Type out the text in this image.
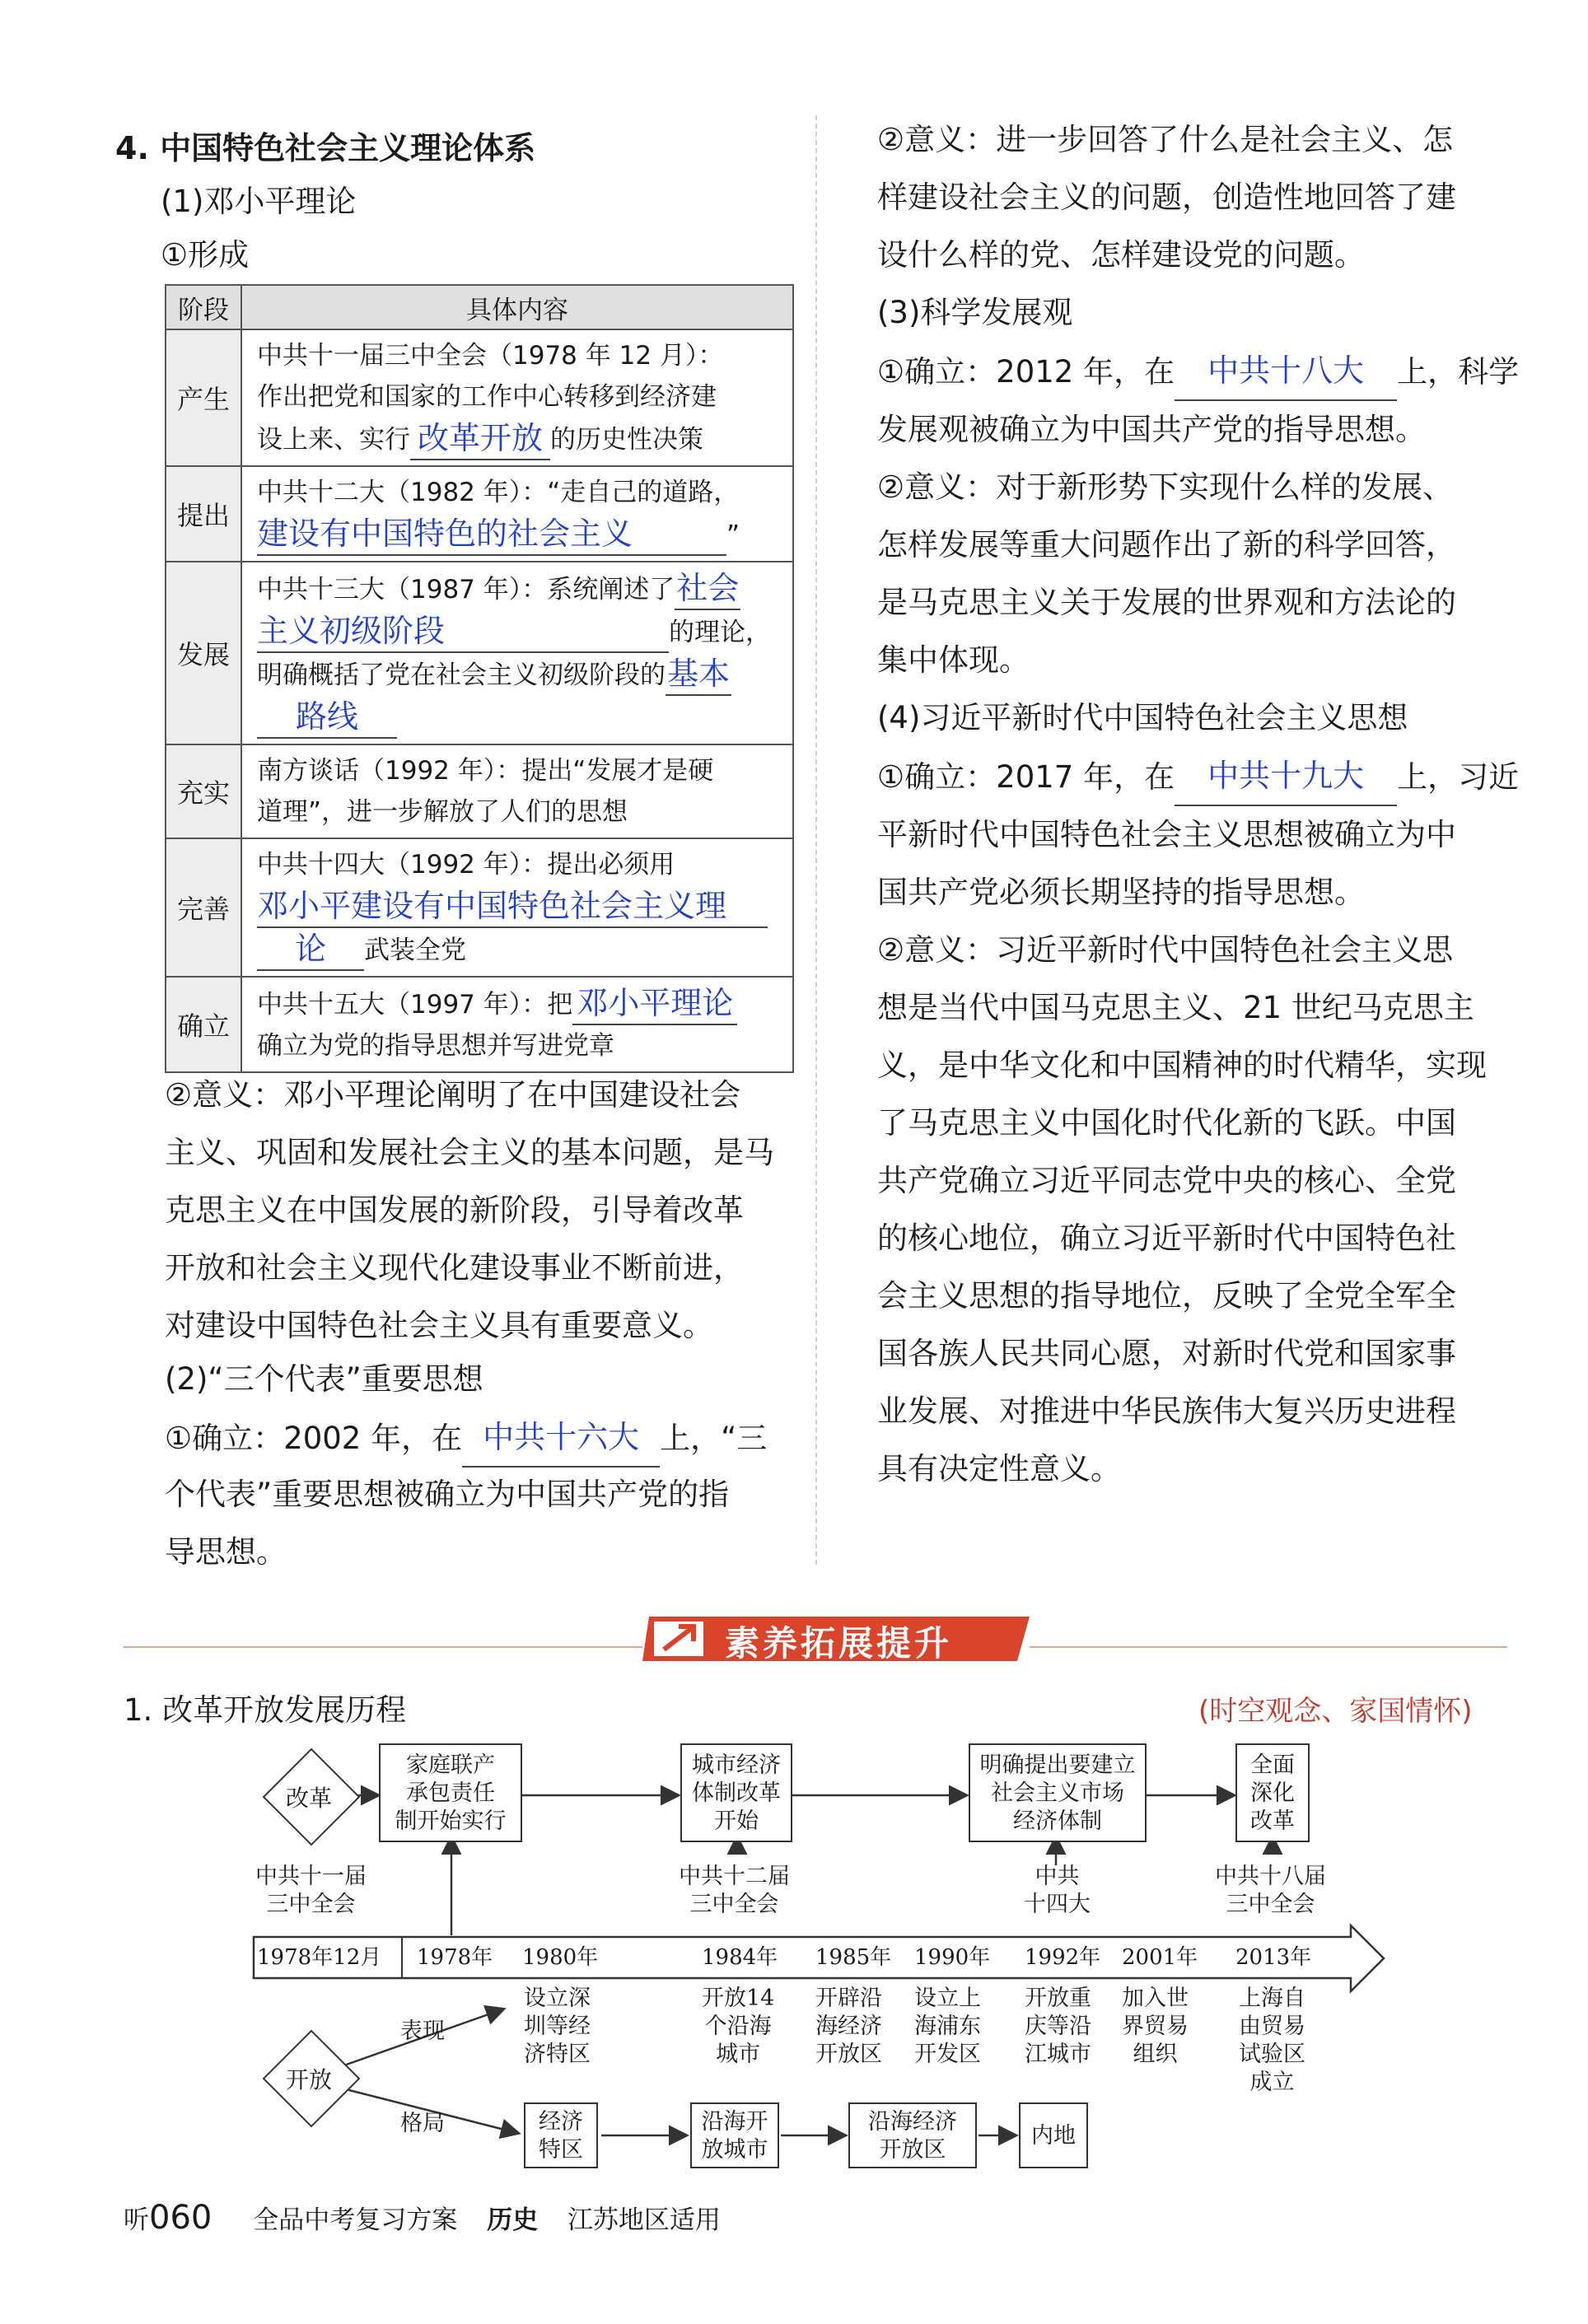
4. 中国特色社会主义理论体系
(1)邓小平理论
①形成
阶段	具体内容
产生	中共十一届三中全会（1978 年 12 月）：
作出把党和国家的工作中心转移到经济建
设上来、实行 改革开放 的历史性决策

提出	中共十二大（1982 年）：“走自己的道路，
建设有中国特色的社会主义 ”

发展	中共十三大（1987 年）：系统阐述了社会
主义初级阶段 的理论，
明确概括了党在社会主义初级阶段的基本
路线

充实	南方谈话（1992 年）：提出“发展才是硬
道理”，进一步解放了人们的思想

完善	中共十四大（1992 年）：提出必须用
邓小平建设有中国特色社会主义理
论 武装全党

确立	中共十五大（1997 年）：把 邓小平理论
确立为党的指导思想并写进党章
②意义：邓小平理论阐明了在中国建设社会
主义、巩固和发展社会主义的基本问题，是马
克思主义在中国发展的新阶段，引导着改革
开放和社会主义现代化建设事业不断前进，
对建设中国特色社会主义具有重要意义。
(2)“三个代表”重要思想
①确立：2002 年，在 中共十六大 上，“三
个代表”重要思想被确立为中国共产党的指
导思想。
②意义：进一步回答了什么是社会主义、怎
样建设社会主义的问题，创造性地回答了建
设什么样的党、怎样建设党的问题。
(3)科学发展观
①确立：2012 年，在 中共十八大 上，科学
发展观被确立为中国共产党的指导思想。
②意义：对于新形势下实现什么样的发展、
怎样发展等重大问题作出了新的科学回答，
是马克思主义关于发展的世界观和方法论的
集中体现。
(4)习近平新时代中国特色社会主义思想
①确立：2017 年，在 中共十九大 上，习近
平新时代中国特色社会主义思想被确立为中
国共产党必须长期坚持的指导思想。
②意义：习近平新时代中国特色社会主义思
想是当代中国马克思主义、21 世纪马克思主
义，是中华文化和中国精神的时代精华，实现
了马克思主义中国化时代化新的飞跃。中国
共产党确立习近平同志党中央的核心、全党
的核心地位，确立习近平新时代中国特色社
会主义思想的指导地位，反映了全党全军全
国各族人民共同心愿，对新时代党和国家事
业发展、对推进中华民族伟大复兴历史进程
具有决定性意义。
素养拓展提升
1. 改革开放发展历程	(时空观念、家国情怀)
改革
开放
家庭联产
承包责任
制开始实行
城市经济
体制改革
开始
明确提出要建立
社会主义市场
经济体制
全面
深化
改革
中共十一届
三中全会
中共十二届
三中全会
中共
十四大
中共十八届
三中全会
1978年12月 1978年 1980年	1984年 1985年 1990年 1992年 2001年 2013年
表现
格局
设立深
圳等经
济特区
开放14
个沿海
城市
开辟沿
海经济
开放区
设立上
海浦东
开发区
开放重
庆等沿
江城市
加入世
界贸易
组织
上海自
由贸易
试验区
成立
经济
特区
沿海开
放城市
沿海经济
开放区
内地
听060 全品中考复习方案 历史 江苏地区适用
